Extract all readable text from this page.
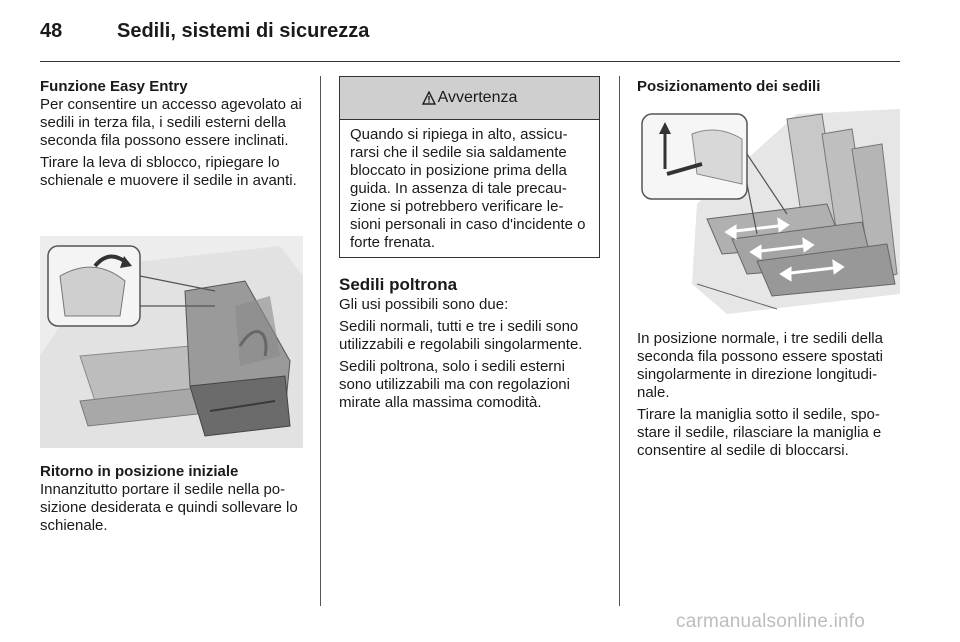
48	Sedili, sistemi di sicurezza

Funzione Easy Entry

Per consentire un accesso agevolato ai sedili in terza fila, i sedili esterni della seconda fila possono essere inclinati.

Tirare la leva di sblocco, ripiegare lo schienale e muovere il sedile in avanti.

Ritorno in posizione iniziale

Innanzitutto portare il sedile nella posizione desiderata e quindi sollevare lo schienale.

Avvertenza
Quando si ripiega in alto, assicurarsi che il sedile sia saldamente bloccato in posizione prima della guida. In assenza di tale precauzione si potrebbero verificare lesioni personali in caso d'incidente o forte frenata.

Sedili poltrona

Gli usi possibili sono due:

Sedili normali, tutti e tre i sedili sono utilizzabili e regolabili singolarmente.

Sedili poltrona, solo i sedili esterni sono utilizzabili ma con regolazioni mirate alla massima comodità.

Posizionamento dei sedili

In posizione normale, i tre sedili della seconda fila possono essere spostati singolarmente in direzione longitudinale.

Tirare la maniglia sotto il sedile, spostare il sedile, rilasciare la maniglia e consentire al sedile di bloccarsi.

carmanualsonline.info
